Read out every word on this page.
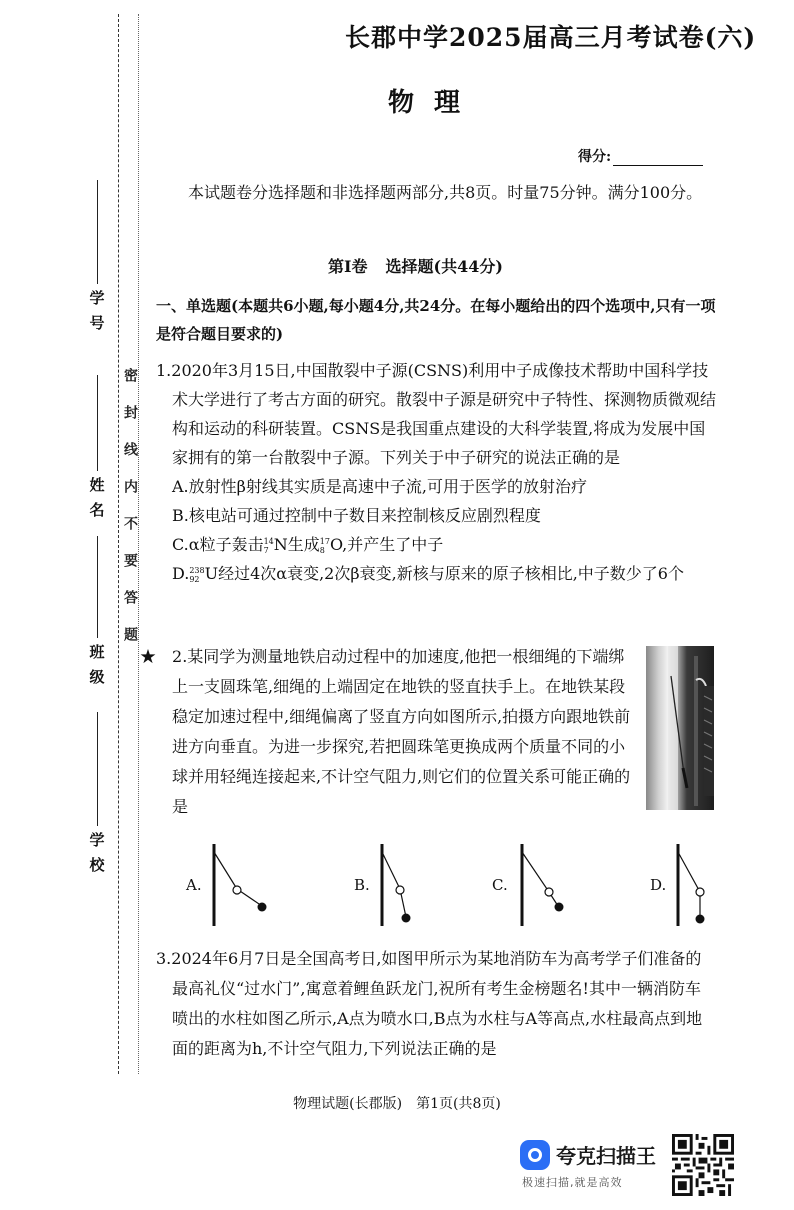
学号
姓名
班级
学校
密封线内不要答题
长郡中学2025届高三月考试卷(六)
物理
得分:
本试题卷分选择题和非选择题两部分,共8页。时量75分钟。满分100分。
第Ⅰ卷 选择题(共44分)
一、单选题(本题共6小题,每小题4分,共24分。在每小题给出的四个选项中,只有一项是符合题目要求的)
1.2020年3月15日,中国散裂中子源(CSNS)利用中子成像技术帮助中国科学技术大学进行了考古方面的研究。散裂中子源是研究中子特性、探测物质微观结构和运动的科研装置。CSNS是我国重点建设的大科学装置,将成为发展中国家拥有的第一台散裂中子源。下列关于中子研究的说法正确的是
A.放射性β射线其实质是高速中子流,可用于医学的放射治疗
B.核电站可通过控制中子数目来控制核反应剧烈程度
C.α粒子轰击 14
7 N生成 17
8 O,并产生了中子
D. 238
92 U经过4次α衰变,2次β衰变,新核与原来的原子核相比,中子数少了6个
★ 2.某同学为测量地铁启动过程中的加速度,他把一根细绳的下端绑上一支圆珠笔,细绳的上端固定在地铁的竖直扶手上。在地铁某段稳定加速过程中,细绳偏离了竖直方向如图所示,拍摄方向跟地铁前进方向垂直。为进一步探究,若把圆珠笔更换成两个质量不同的小球并用轻绳连接起来,不计空气阻力,则它们的位置关系可能正确的是
A.	B.	C.	D.
3.2024年6月7日是全国高考日,如图甲所示为某地消防车为高考学子们准备的最高礼仪“过水门”,寓意着鲤鱼跃龙门,祝所有考生金榜题名!其中一辆消防车喷出的水柱如图乙所示,A点为喷水口,B点为水柱与A等高点,水柱最高点到地面的距离为h,不计空气阻力,下列说法正确的是
物理试题(长郡版) 第1页(共8页)
夸克扫描王
极速扫描,就是高效
